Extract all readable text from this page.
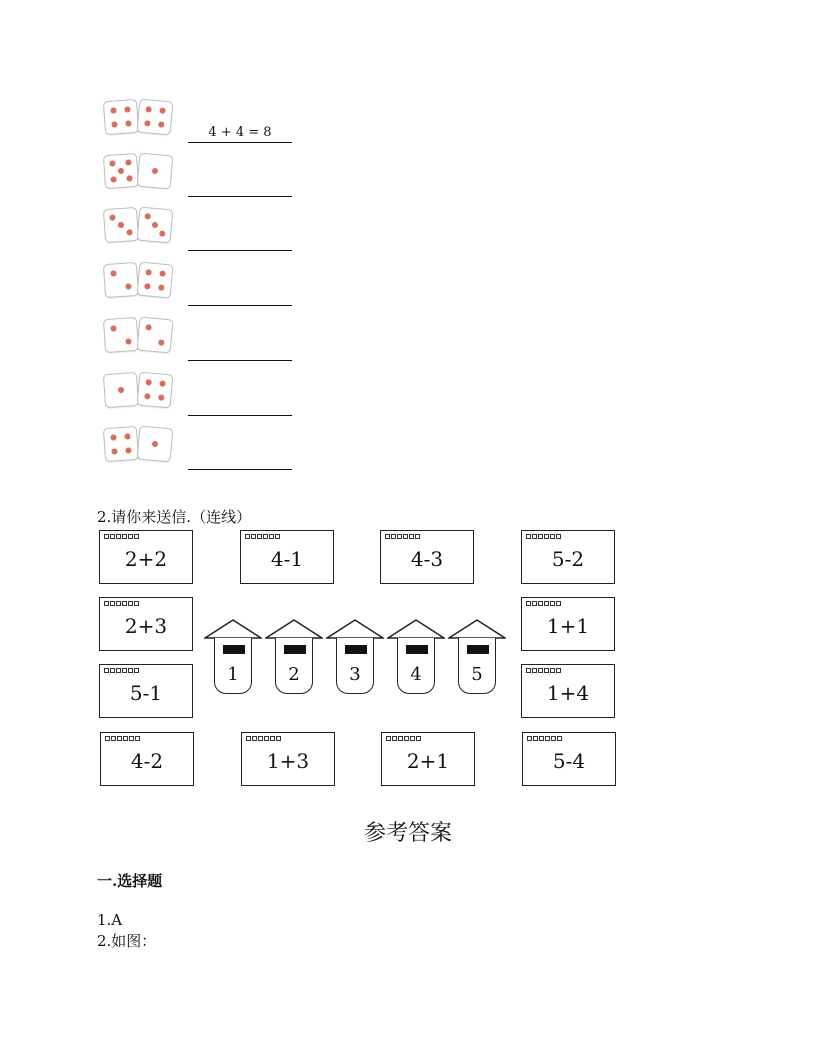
4 + 4 = 8
2.请你来送信.（连线）
2+2	4-1	4-3	5-2
2+3	1+1
5-1	1+4
4-2	1+3	2+1	5-4
1	2	3	4	5
参考答案
一.选择题
1.A
2.如图：
